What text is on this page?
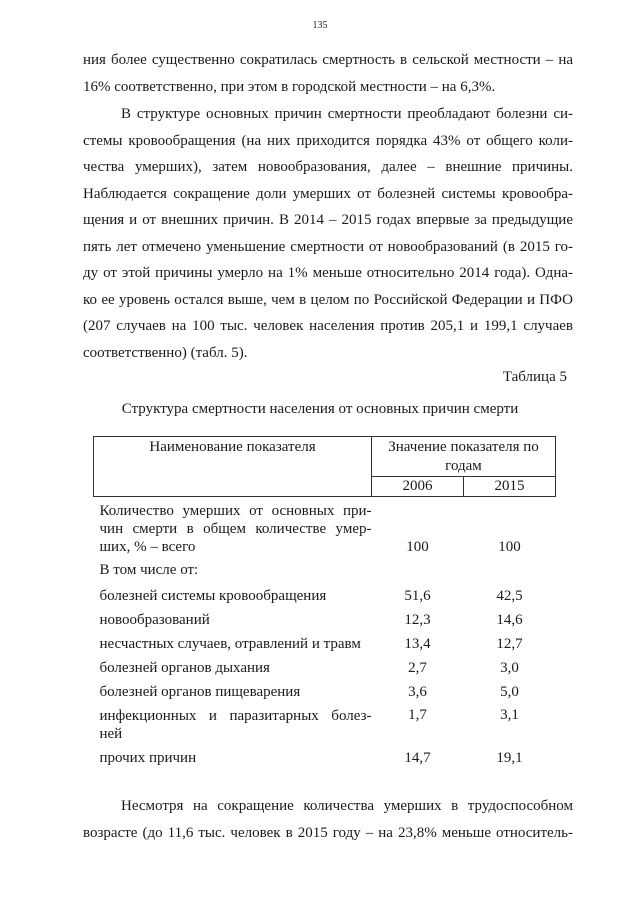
135
ния более существенно сократилась смертность в сельской местности – на
16% соответственно, при этом в городской местности – на 6,3%.
В структуре основных причин смертности преобладают болезни си-
стемы кровообращения (на них приходится порядка 43% от общего коли-
чества умерших), затем новообразования, далее – внешние причины.
Наблюдается сокращение доли умерших от болезней системы кровообра-
щения и от внешних причин. В 2014 – 2015 годах впервые за предыдущие
пять лет отмечено уменьшение смертности от новообразований (в 2015 го-
ду от этой причины умерло на 1% меньше относительно 2014 года). Одна-
ко ее уровень остался выше, чем в целом по Российской Федерации и ПФО
(207 случаев на 100 тыс. человек населения против 205,1 и 199,1 случаев
соответственно) (табл. 5).
Таблица 5
Структура смертности населения от основных причин смерти
Наименование показателя	Значение показателя по годам	
	2006	2015

Количество умерших от основных при-
чин смерти в общем количестве умер-
ших, % – всего	100	100
В том числе от:		
болезней системы кровообращения	51,6	42,5
новообразований	12,3	14,6
несчастных случаев, отравлений и травм	13,4	12,7
болезней органов дыхания	2,7	3,0
болезней органов пищеварения	3,6	5,0

инфекционных и паразитарных болез-
ней	1,7	3,1
прочих причин	14,7	19,1
Несмотря на сокращение количества умерших в трудоспособном
возрасте (до 11,6 тыс. человек в 2015 году – на 23,8% меньше относитель-
